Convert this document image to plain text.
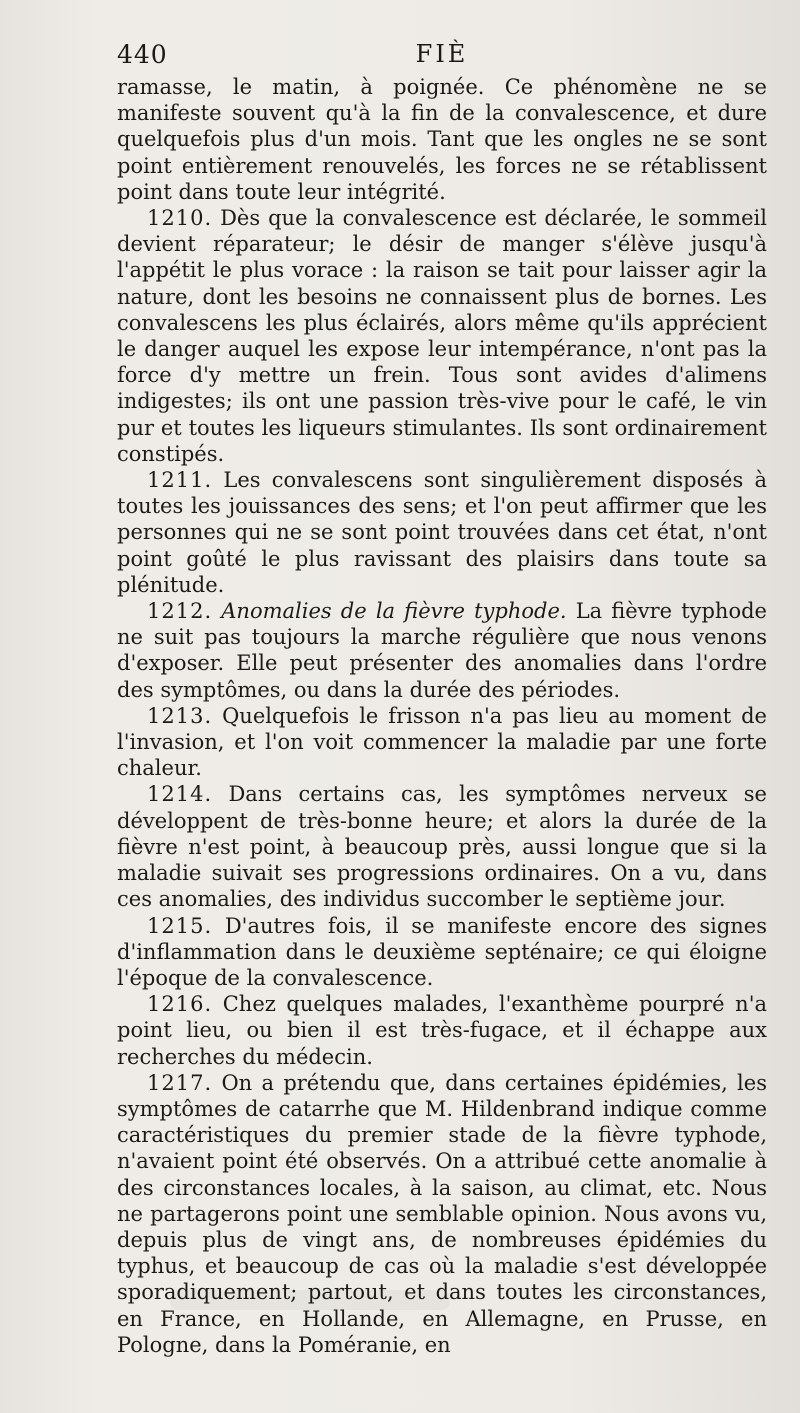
440	FIÈ

ramasse, le matin, à poignée. Ce phénomène ne se manifeste souvent qu'à la fin de la convalescence, et dure quelquefois plus d'un mois. Tant que les ongles ne se sont point entièrement renouvelés, les forces ne se rétablissent point dans toute leur intégrité.

1210. Dès que la convalescence est déclarée, le sommeil devient réparateur; le désir de manger s'élève jusqu'à l'appétit le plus vorace : la raison se tait pour laisser agir la nature, dont les besoins ne connaissent plus de bornes. Les convalescens les plus éclairés, alors même qu'ils apprécient le danger auquel les expose leur intempérance, n'ont pas la force d'y mettre un frein. Tous sont avides d'alimens indigestes; ils ont une passion très-vive pour le café, le vin pur et toutes les liqueurs stimulantes. Ils sont ordinairement constipés.

1211. Les convalescens sont singulièrement disposés à toutes les jouissances des sens; et l'on peut affirmer que les personnes qui ne se sont point trouvées dans cet état, n'ont point goûté le plus ravissant des plaisirs dans toute sa plénitude.

1212. Anomalies de la fièvre typhode. La fièvre typhode ne suit pas toujours la marche régulière que nous venons d'exposer. Elle peut présenter des anomalies dans l'ordre des symptômes, ou dans la durée des périodes.

1213. Quelquefois le frisson n'a pas lieu au moment de l'invasion, et l'on voit commencer la maladie par une forte chaleur.

1214. Dans certains cas, les symptômes nerveux se développent de très-bonne heure; et alors la durée de la fièvre n'est point, à beaucoup près, aussi longue que si la maladie suivait ses progressions ordinaires. On a vu, dans ces anomalies, des individus succomber le septième jour.

1215. D'autres fois, il se manifeste encore des signes d'inflammation dans le deuxième septénaire; ce qui éloigne l'époque de la convalescence.

1216. Chez quelques malades, l'exanthème pourpré n'a point lieu, ou bien il est très-fugace, et il échappe aux recherches du médecin.

1217. On a prétendu que, dans certaines épidémies, les symptômes de catarrhe que M. Hildenbrand indique comme caractéristiques du premier stade de la fièvre typhode, n'avaient point été observés. On a attribué cette anomalie à des circonstances locales, à la saison, au climat, etc. Nous ne partagerons point une semblable opinion. Nous avons vu, depuis plus de vingt ans, de nombreuses épidémies du typhus, et beaucoup de cas où la maladie s'est développée sporadiquement; partout, et dans toutes les circonstances, en France, en Hollande, en Allemagne, en Prusse, en Pologne, dans la Poméranie, en
